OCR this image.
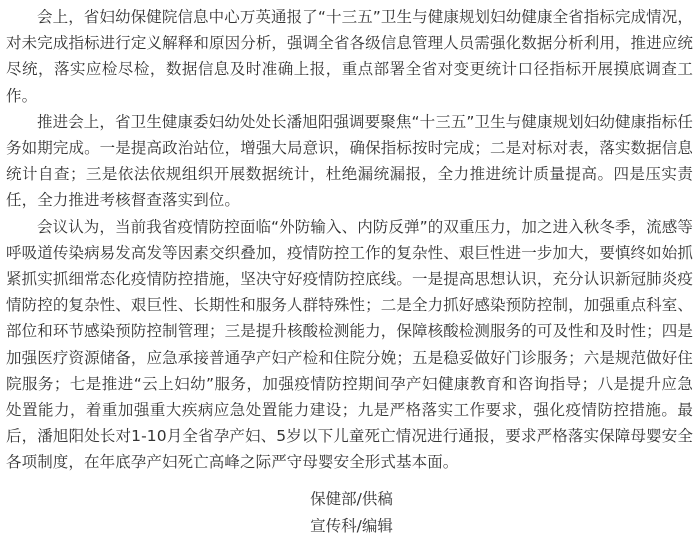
会上，省妇幼保健院信息中心万英通报了“十三五”卫生与健康规划妇幼健康全省指标完成情况，对未完成指标进行定义解释和原因分析，强调全省各级信息管理人员需强化数据分析利用，推进应统尽统，落实应检尽检，数据信息及时准确上报，重点部署全省对变更统计口径指标开展摸底调查工作。

推进会上，省卫生健康委妇幼处处长潘旭阳强调要聚焦“十三五”卫生与健康规划妇幼健康指标任务如期完成。一是提高政治站位，增强大局意识，确保指标按时完成；二是对标对表，落实数据信息统计自查；三是依法依规组织开展数据统计，杜绝漏统漏报，全力推进统计质量提高。四是压实责任，全力推进考核督查落实到位。

会议认为，当前我省疫情防控面临“外防输入、内防反弹”的双重压力，加之进入秋冬季，流感等呼吸道传染病易发高发等因素交织叠加，疫情防控工作的复杂性、艰巨性进一步加大，要慎终如始抓紧抓实抓细常态化疫情防控措施，坚决守好疫情防控底线。一是提高思想认识，充分认识新冠肺炎疫情防控的复杂性、艰巨性、长期性和服务人群特殊性；二是全力抓好感染预防控制，加强重点科室、部位和环节感染预防控制管理；三是提升核酸检测能力，保障核酸检测服务的可及性和及时性；四是加强医疗资源储备，应急承接普通孕产妇产检和住院分娩；五是稳妥做好门诊服务；六是规范做好住院服务；七是推进“云上妇幼”服务，加强疫情防控期间孕产妇健康教育和咨询指导；八是提升应急处置能力，着重加强重大疾病应急处置能力建设；九是严格落实工作要求，强化疫情防控措施。最后，潘旭阳处长对1-10月全省孕产妇、5岁以下儿童死亡情况进行通报，要求严格落实保障母婴安全各项制度，在年底孕产妇死亡高峰之际严守母婴安全形式基本面。

保健部/供稿
宣传科/编辑
